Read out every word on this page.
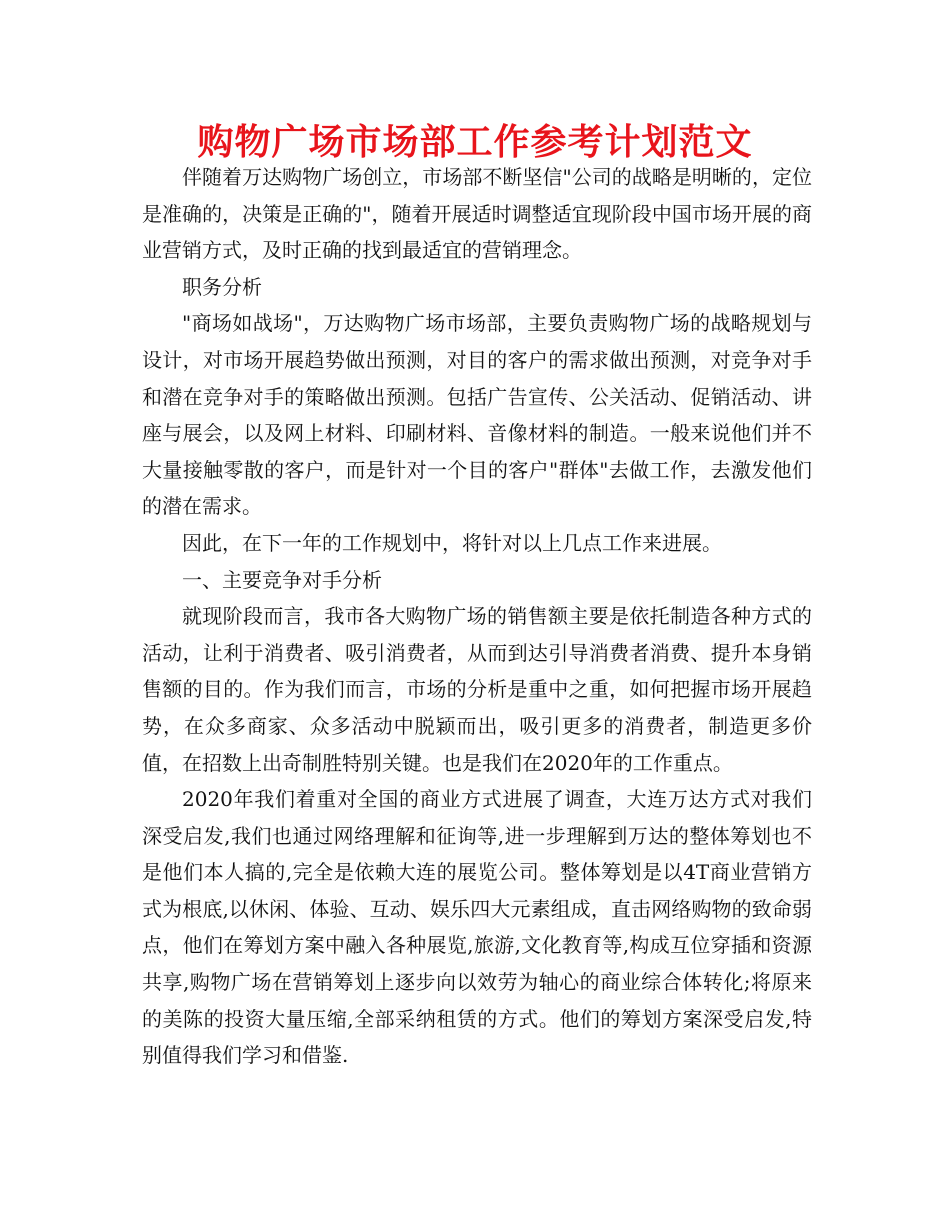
购物广场市场部工作参考计划范文

伴随着万达购物广场创立，市场部不断坚信"公司的战略是明晰的，定位是准确的，决策是正确的"，随着开展适时调整适宜现阶段中国市场开展的商业营销方式，及时正确的找到最适宜的营销理念。

职务分析

"商场如战场"，万达购物广场市场部，主要负责购物广场的战略规划与设计，对市场开展趋势做出预测，对目的客户的需求做出预测，对竞争对手和潜在竞争对手的策略做出预测。包括广告宣传、公关活动、促销活动、讲座与展会，以及网上材料、印刷材料、音像材料的制造。一般来说他们并不大量接触零散的客户，而是针对一个目的客户"群体"去做工作，去激发他们的潜在需求。

因此，在下一年的工作规划中，将针对以上几点工作来进展。

一、主要竞争对手分析

就现阶段而言，我市各大购物广场的销售额主要是依托制造各种方式的活动，让利于消费者、吸引消费者，从而到达引导消费者消费、提升本身销售额的目的。作为我们而言，市场的分析是重中之重，如何把握市场开展趋势，在众多商家、众多活动中脱颖而出，吸引更多的消费者，制造更多价值，在招数上出奇制胜特别关键。也是我们在2020年的工作重点。

2020年我们着重对全国的商业方式进展了调查，大连万达方式对我们深受启发,我们也通过网络理解和征询等,进一步理解到万达的整体筹划也不是他们本人搞的,完全是依赖大连的展览公司。整体筹划是以4T商业营销方式为根底,以休闲、体验、互动、娱乐四大元素组成，直击网络购物的致命弱点，他们在筹划方案中融入各种展览,旅游,文化教育等,构成互位穿插和资源共享,购物广场在营销筹划上逐步向以效劳为轴心的商业综合体转化;将原来的美陈的投资大量压缩,全部采纳租赁的方式。他们的筹划方案深受启发,特别值得我们学习和借鉴.
